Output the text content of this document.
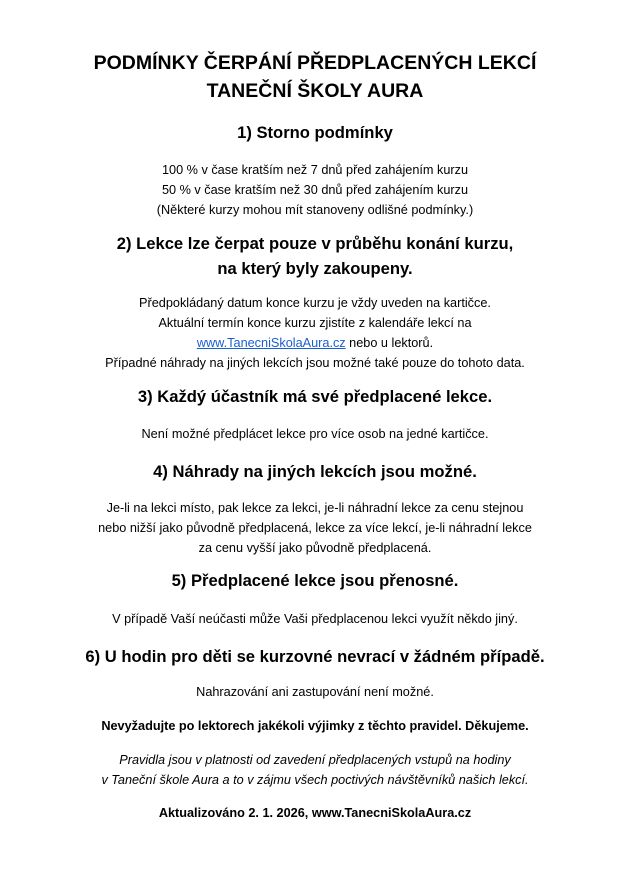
PODMÍNKY ČERPÁNÍ PŘEDPLACENÝCH LEKCÍ
TANEČNÍ ŠKOLY AURA
1) Storno podmínky
100 % v čase kratším než 7 dnů před zahájením kurzu
50 % v čase kratším než 30 dnů před zahájením kurzu
(Některé kurzy mohou mít stanoveny odlišné podmínky.)
2) Lekce lze čerpat pouze v průběhu konání kurzu,
na který byly zakoupeny.
Předpokládaný datum konce kurzu je vždy uveden na kartičce.
Aktuální termín konce kurzu zjistíte z kalendáře lekcí na
www.TanecniSkolaAura.cz nebo u lektorů.
Případné náhrady na jiných lekcích jsou možné také pouze do tohoto data.
3) Každý účastník má své předplacené lekce.
Není možné předplácet lekce pro více osob na jedné kartičce.
4) Náhrady na jiných lekcích jsou možné.
Je-li na lekci místo, pak lekce za lekci, je-li náhradní lekce za cenu stejnou
nebo nižší jako původně předplacená, lekce za více lekcí, je-li náhradní lekce
za cenu vyšší jako původně předplacená.
5) Předplacené lekce jsou přenosné.
V případě Vaší neúčasti může Vaši předplacenou lekci využít někdo jiný.
6) U hodin pro děti se kurzovné nevrací v žádném případě.
Nahrazování ani zastupování není možné.
Nevyžadujte po lektorech jakékoli výjimky z těchto pravidel. Děkujeme.
Pravidla jsou v platnosti od zavedení předplacených vstupů na hodiny
v Taneční škole Aura a to v zájmu všech poctivých návštěvníků našich lekcí.
Aktualizováno 2. 1. 2026, www.TanecniSkolaAura.cz
